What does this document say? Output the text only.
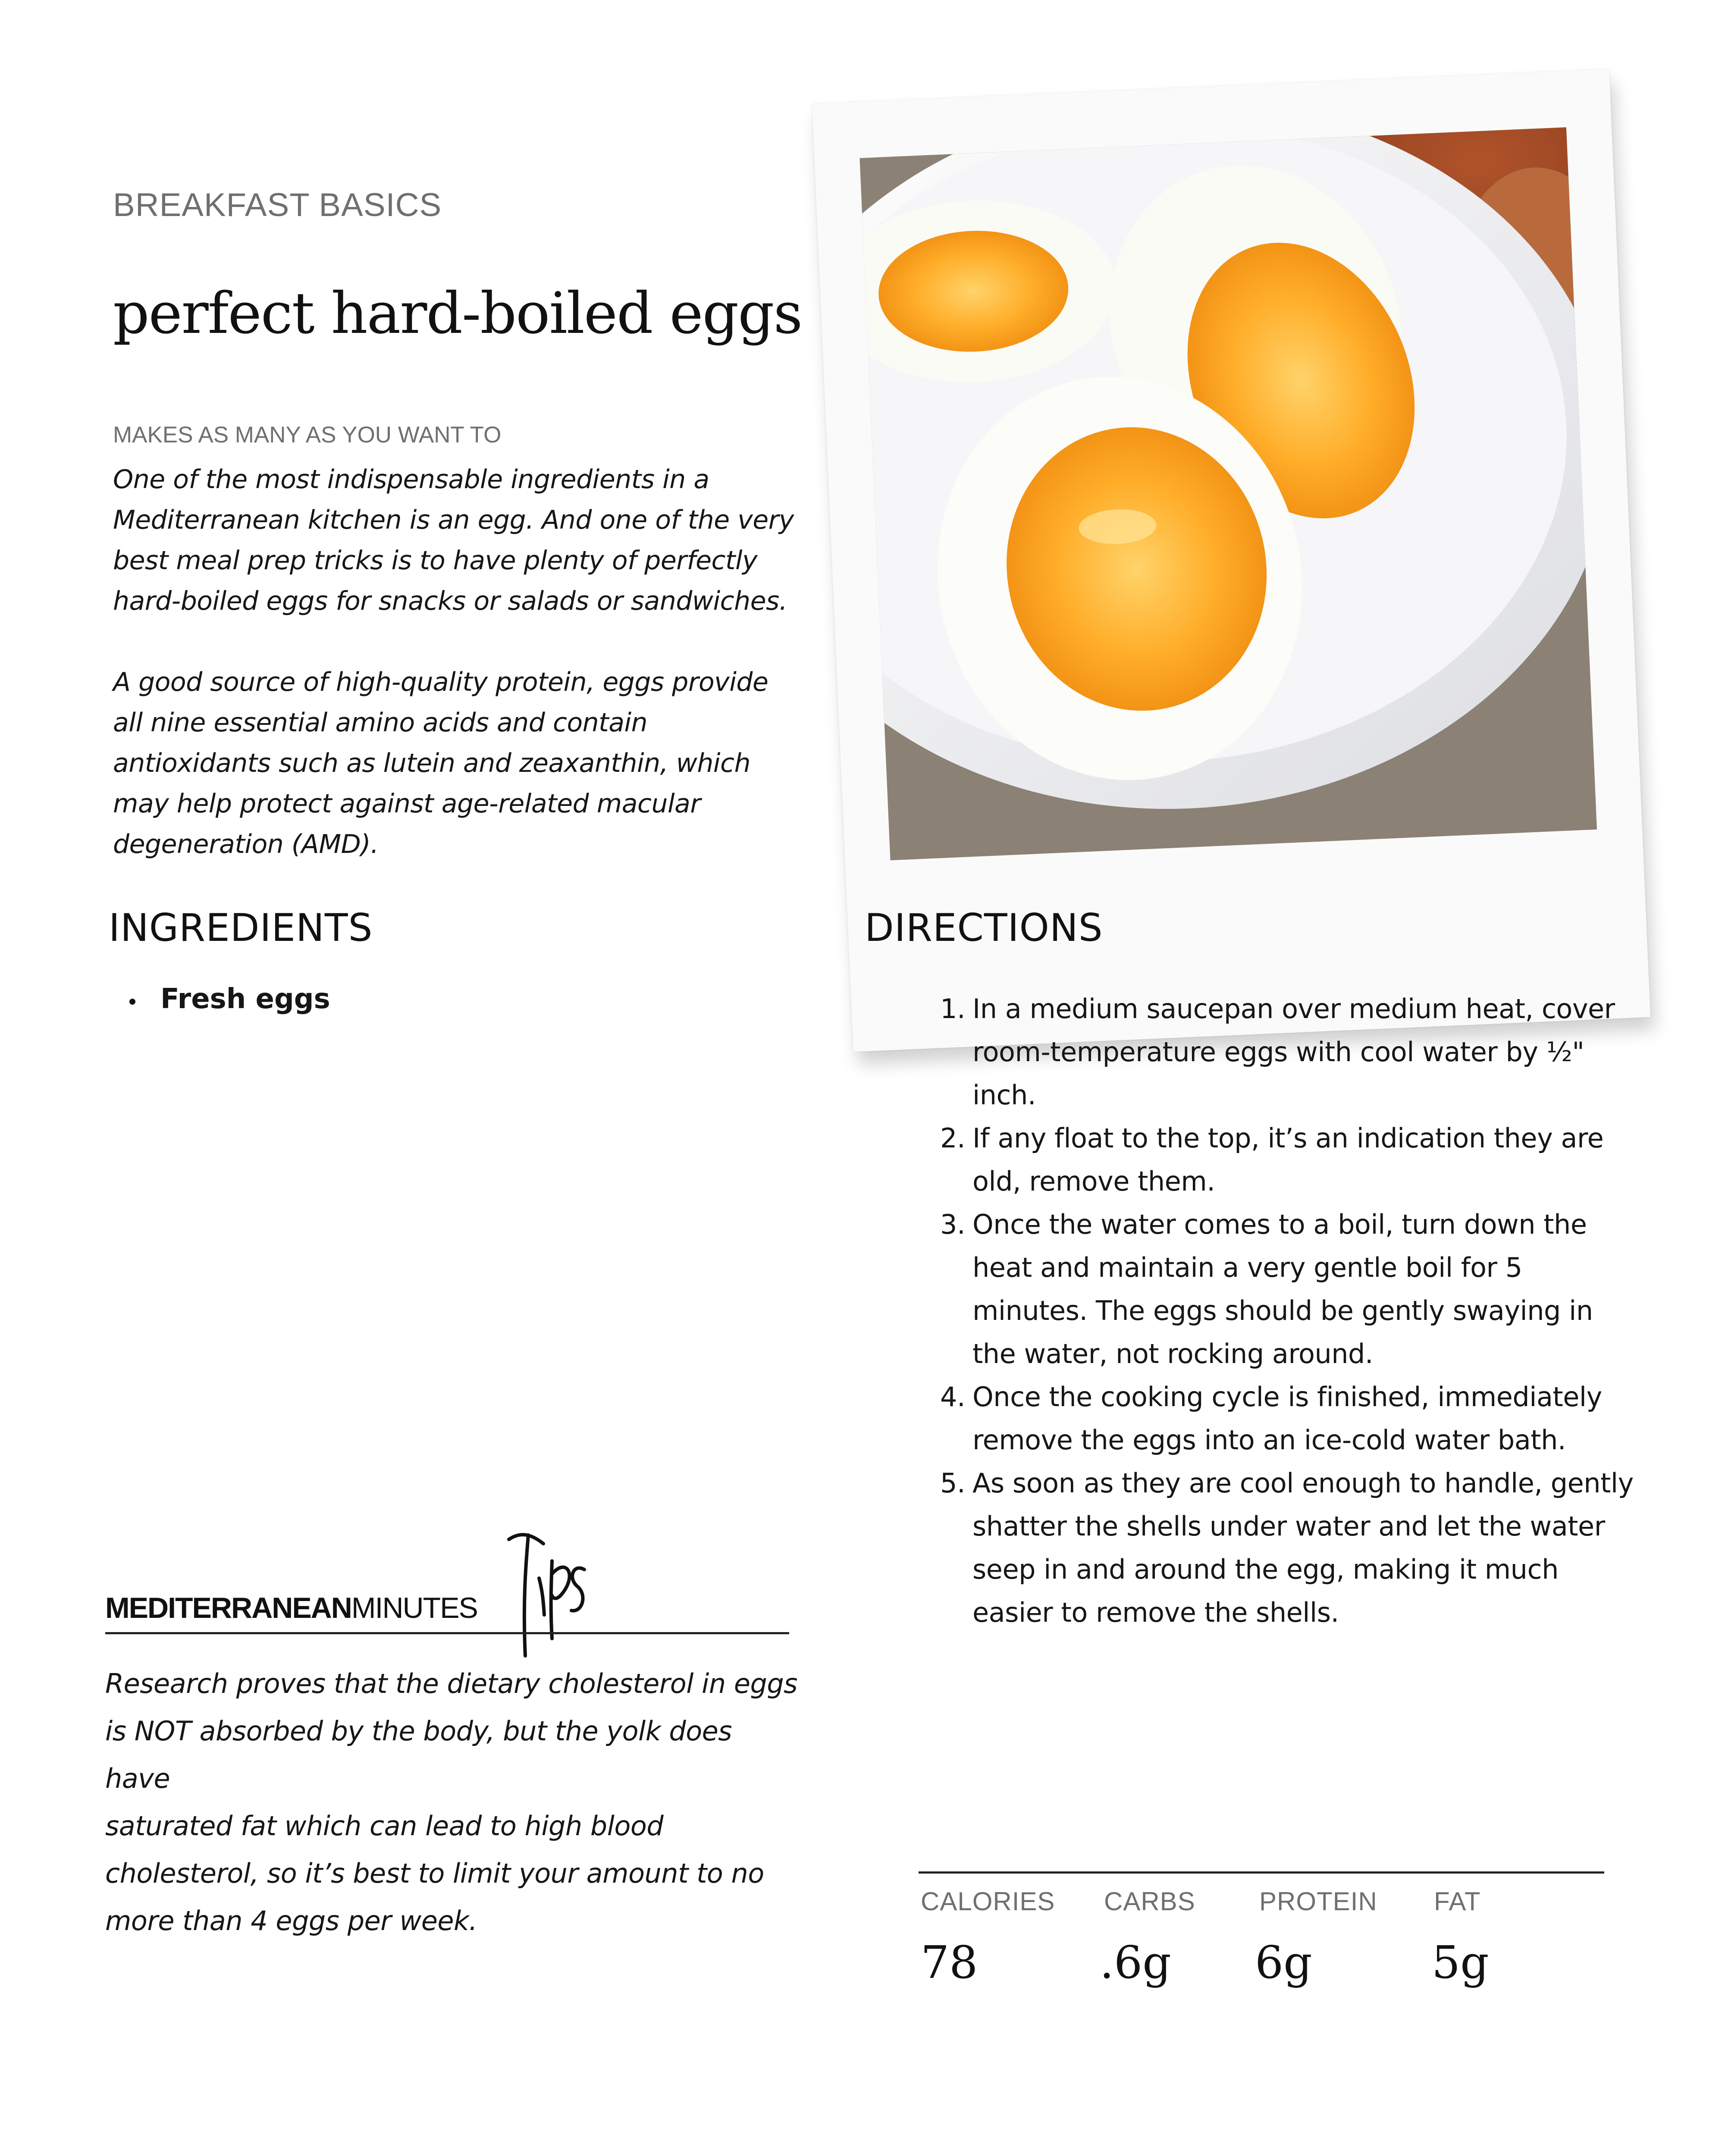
BREAKFAST BASICS
perfect hard-boiled eggs
MAKES AS MANY AS YOU WANT TO

One of the most indispensable ingredients in a
Mediterranean kitchen is an egg. And one of the very
best meal prep tricks is to have plenty of perfectly
hard-boiled eggs for snacks or salads or sandwiches.

A good source of high-quality protein, eggs provide
all nine essential amino acids and contain
antioxidants such as lutein and zeaxanthin, which
may help protect against age-related macular
degeneration (AMD).

INGREDIENTS
Fresh eggs
MEDITERRANEANMINUTES
Research proves that the dietary cholesterol in eggs
is NOT absorbed by the body, but the yolk does have
saturated fat which can lead to high blood
cholesterol, so it’s best to limit your amount to no
more than 4 eggs per week.
DIRECTIONS
1. In a medium saucepan over medium heat, cover
room-temperature eggs with cool water by ½"
inch.
2. If any float to the top, it’s an indication they are
old, remove them.
3. Once the water comes to a boil, turn down the
heat and maintain a very gentle boil for 5
minutes. The eggs should be gently swaying in
the water, not rocking around.
4. Once the cooking cycle is finished, immediately
remove the eggs into an ice-cold water bath.
5. As soon as they are cool enough to handle, gently
shatter the shells under water and let the water
seep in and around the egg, making it much
easier to remove the shells.
CALORIES CARBS PROTEIN FAT
78	.6g 6g	5g
